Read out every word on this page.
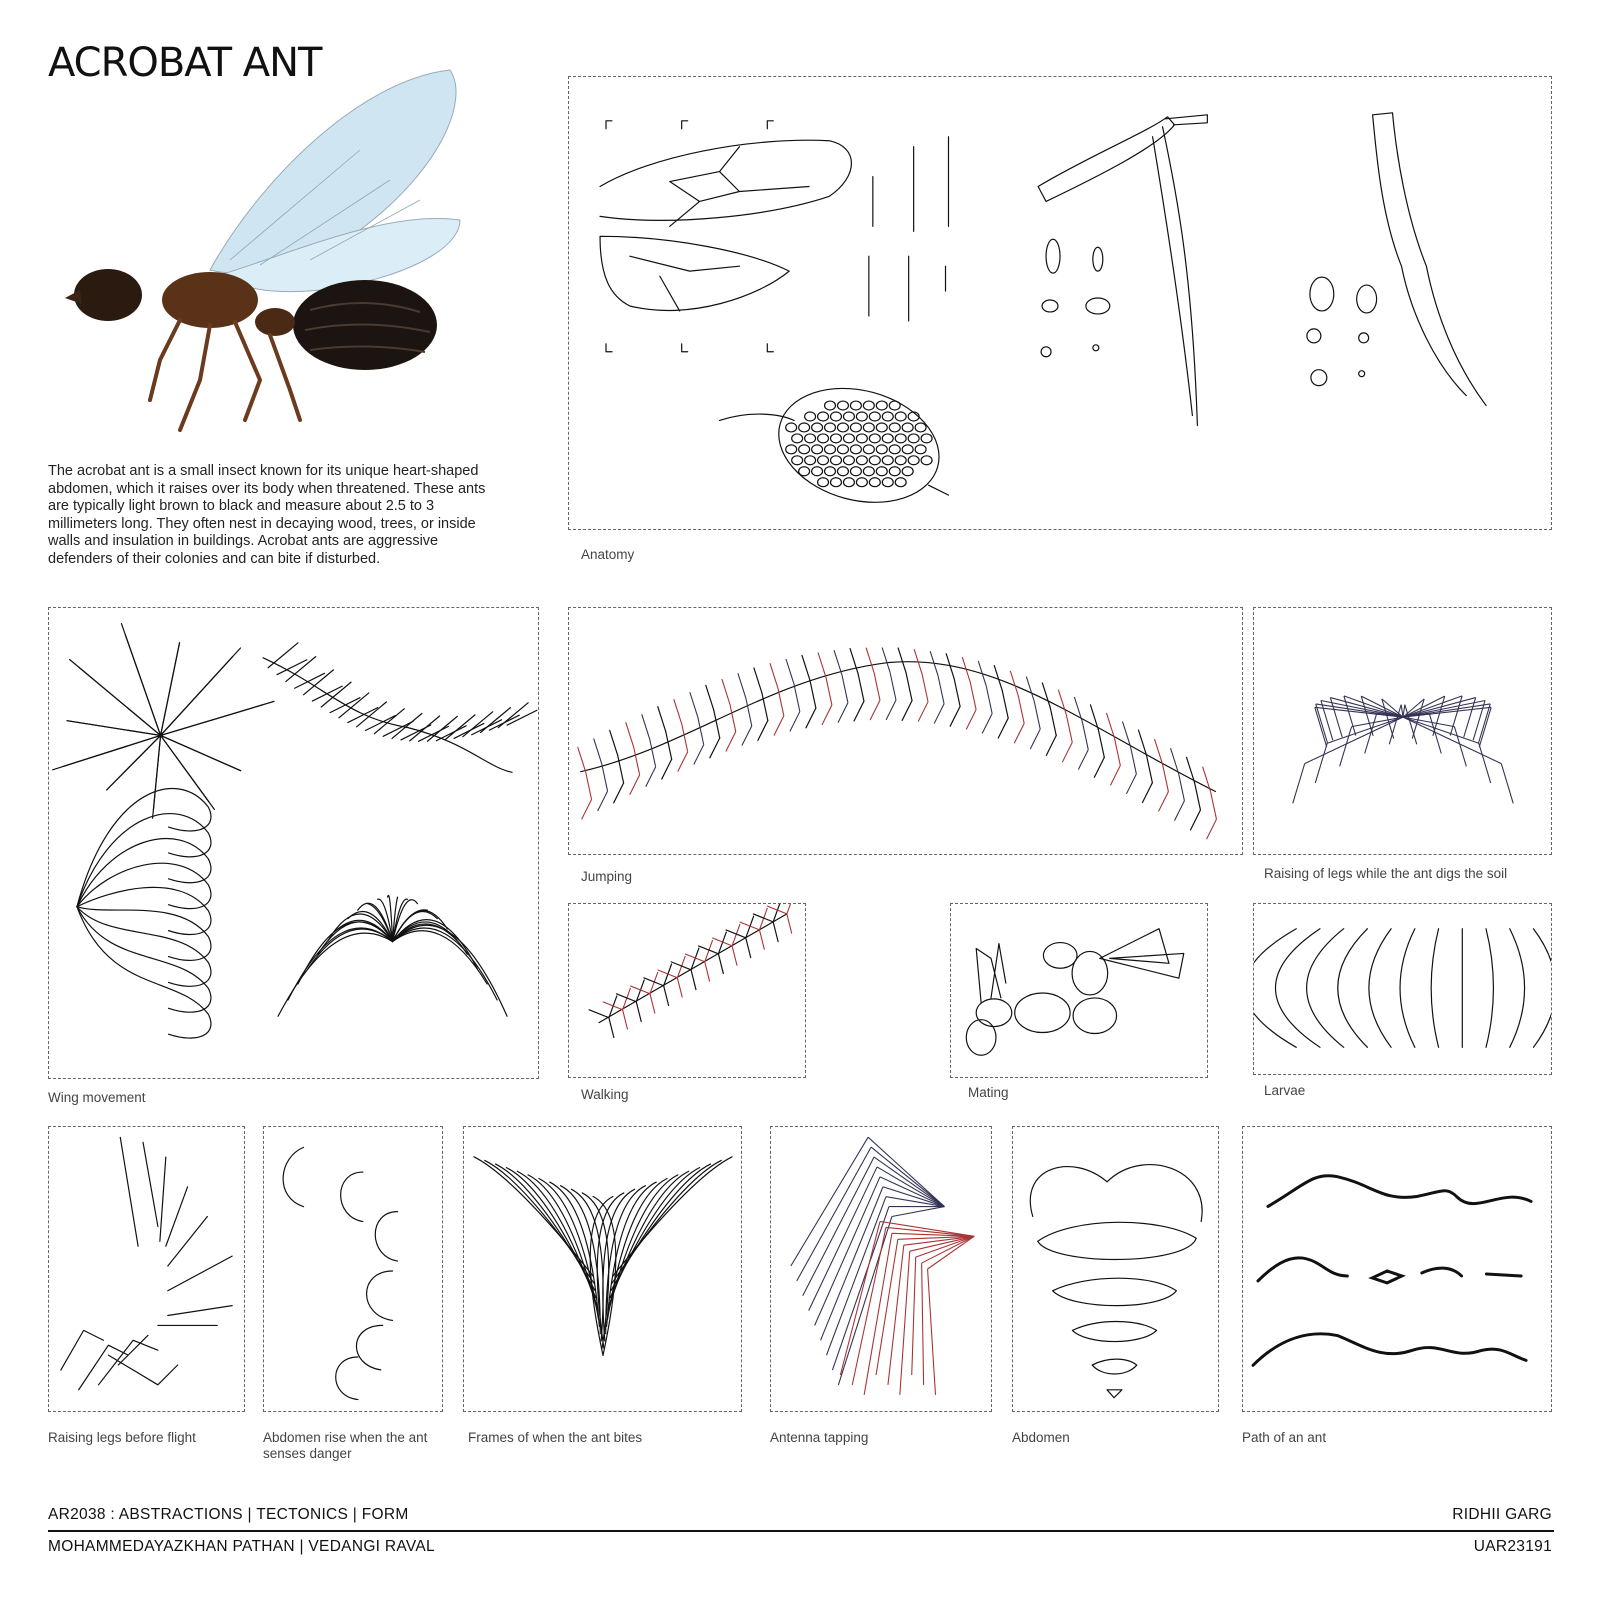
ACROBAT ANT
The acrobat ant is a small insect known for its unique heart-shaped abdomen, which it raises over its body when threatened. These ants are typically light brown to black and measure about 2.5 to 3 millimeters long. They often nest in decaying wood, trees, or inside walls and insulation in buildings. Acrobat ants are aggressive defenders of their colonies and can bite if disturbed.	Anatomy
Wing movement
Jumping	Raising of legs while the ant digs the soil
Walking	Mating	Larvae
Raising legs before flight	Abdomen rise when the ant senses danger
Frames of when the ant bites	Antenna tapping	Abdomen	Path of an ant
AR2038 : ABSTRACTIONS | TECTONICS | FORM	RIDHII GARG
MOHAMMEDAYAZKHAN PATHAN | VEDANGI RAVAL	UAR23191
